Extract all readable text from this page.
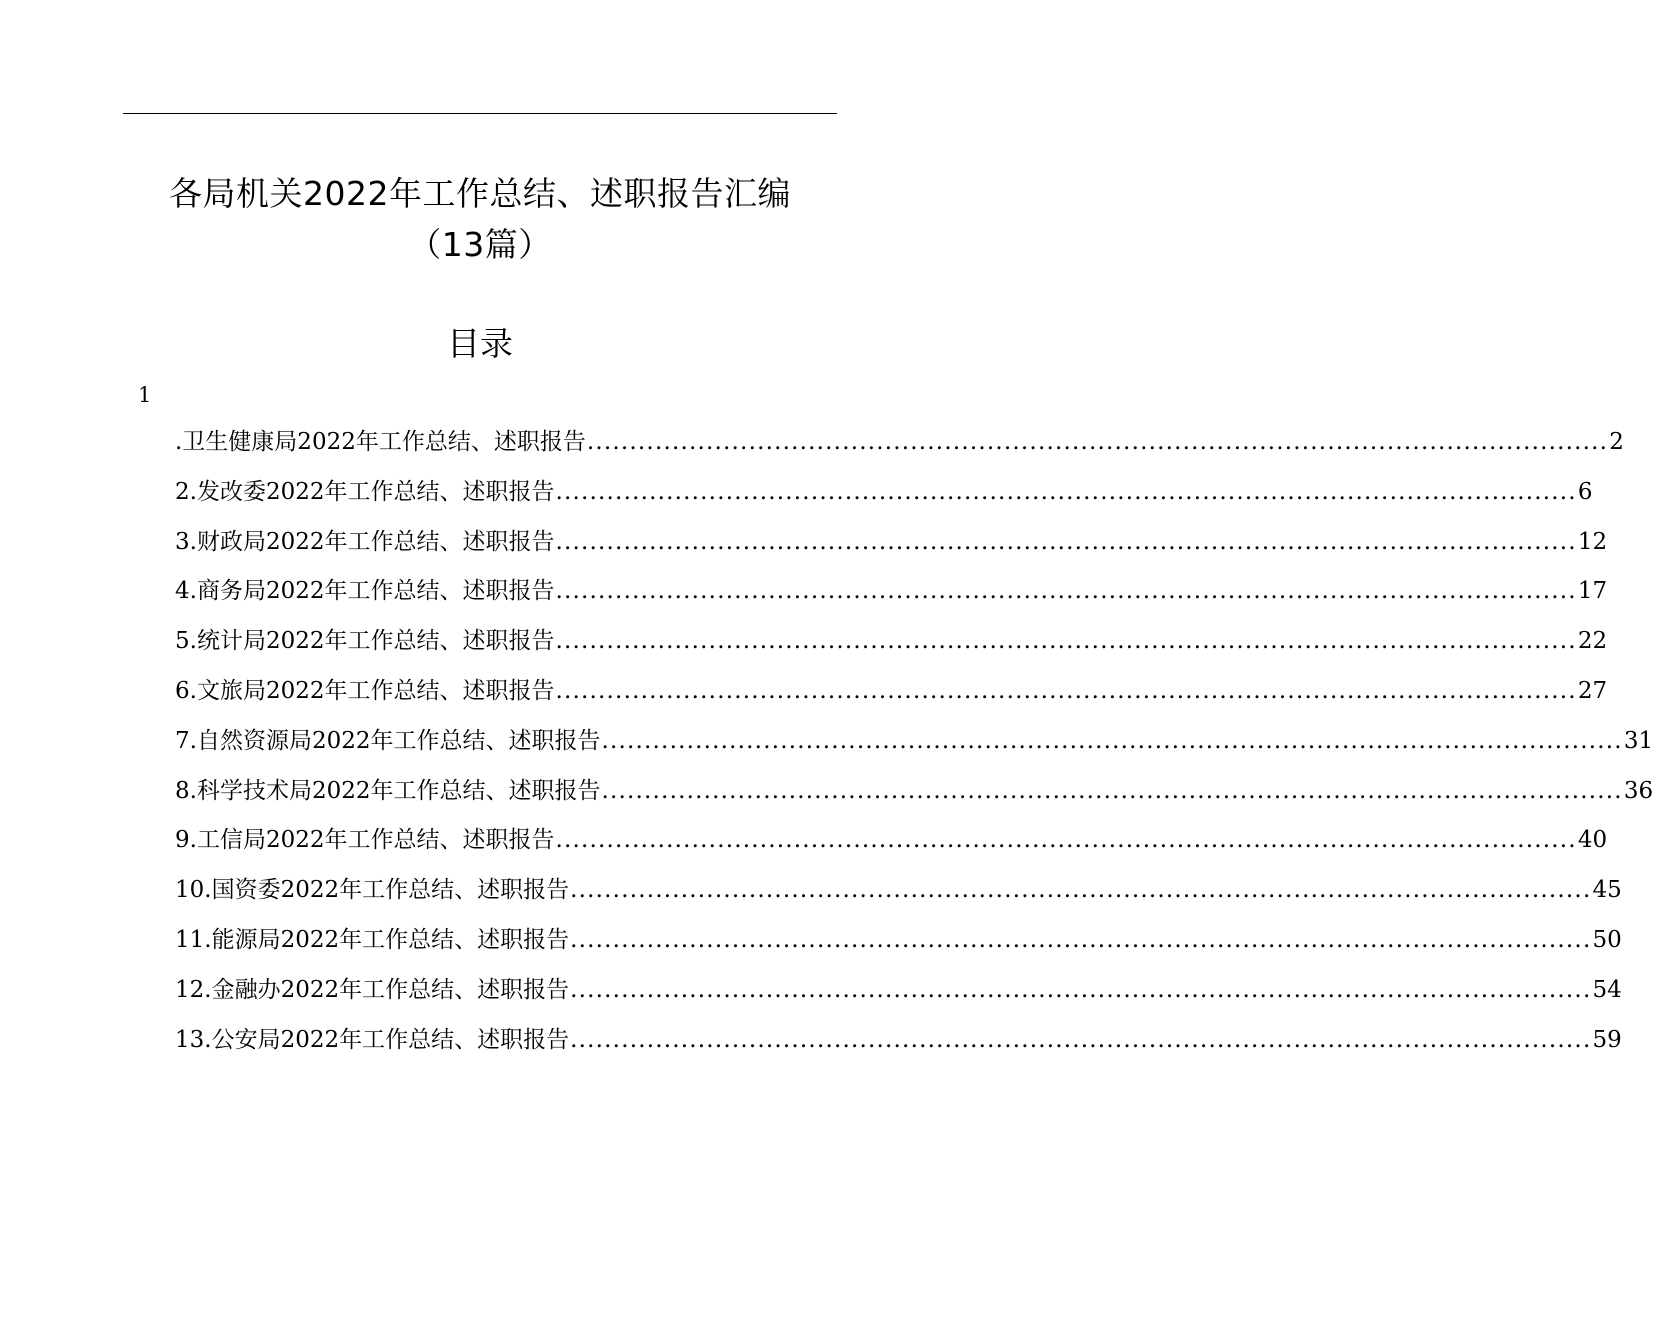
各局机关2022年工作总结、述职报告汇编
（13篇）
目录
1
.卫生健康局2022年工作总结、述职报告 ........................................................................................................................ 2
2.发改委2022年工作总结、述职报告 ........................................................................................................................ 6
3.财政局2022年工作总结、述职报告 ........................................................................................................................ 12
4.商务局2022年工作总结、述职报告 ........................................................................................................................ 17
5.统计局2022年工作总结、述职报告 ........................................................................................................................ 22
6.文旅局2022年工作总结、述职报告 ........................................................................................................................ 27
7.自然资源局2022年工作总结、述职报告 ........................................................................................................................ 31
8.科学技术局2022年工作总结、述职报告 ........................................................................................................................ 36
9.工信局2022年工作总结、述职报告 ........................................................................................................................ 40
10.国资委2022年工作总结、述职报告 ........................................................................................................................ 45
11.能源局2022年工作总结、述职报告 ........................................................................................................................ 50
12.金融办2022年工作总结、述职报告 ........................................................................................................................ 54
13.公安局2022年工作总结、述职报告 ........................................................................................................................ 59
